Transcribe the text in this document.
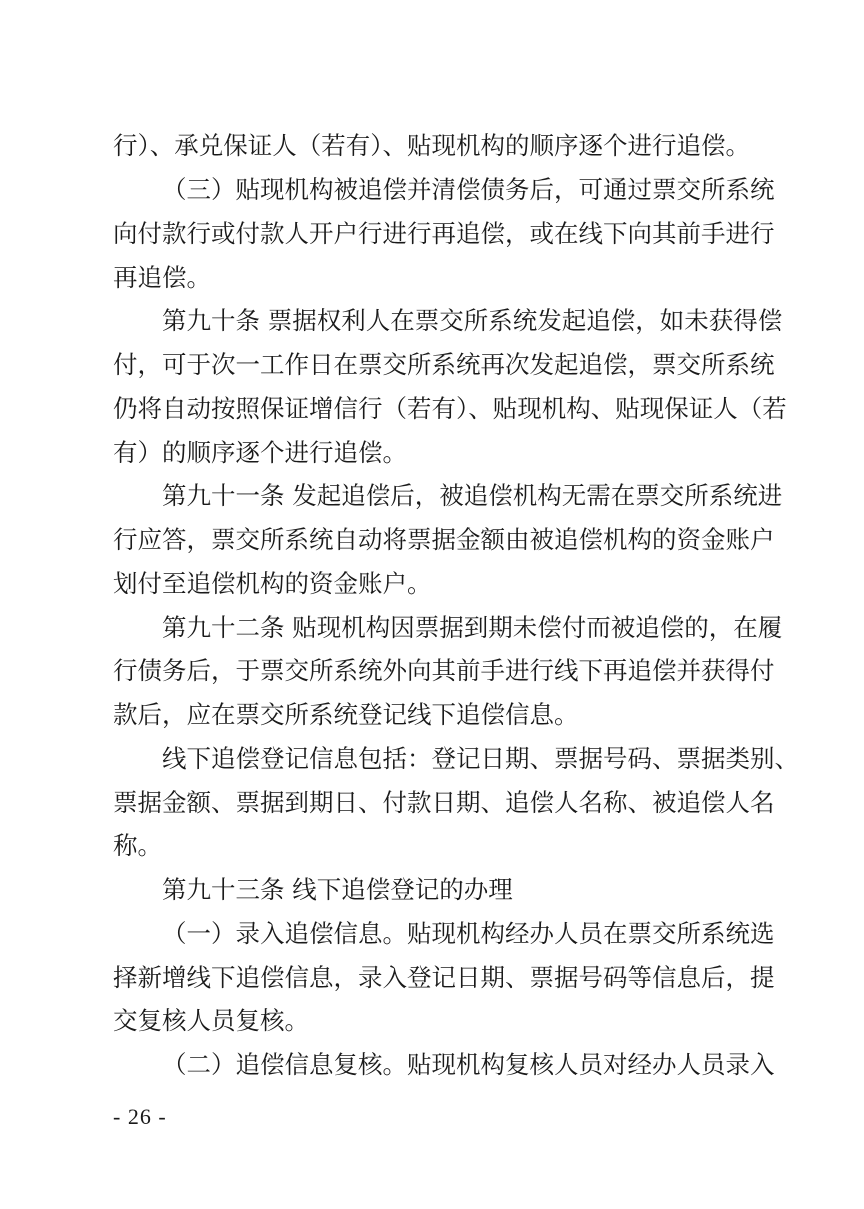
行）、承兑保证人（若有）、贴现机构的顺序逐个进行追偿。
（三）贴现机构被追偿并清偿债务后，可通过票交所系统
向付款行或付款人开户行进行再追偿，或在线下向其前手进行
再追偿。
第九十条 票据权利人在票交所系统发起追偿，如未获得偿
付，可于次一工作日在票交所系统再次发起追偿，票交所系统
仍将自动按照保证增信行（若有）、贴现机构、贴现保证人（若
有）的顺序逐个进行追偿。
第九十一条 发起追偿后，被追偿机构无需在票交所系统进
行应答，票交所系统自动将票据金额由被追偿机构的资金账户
划付至追偿机构的资金账户。
第九十二条 贴现机构因票据到期未偿付而被追偿的，在履
行债务后，于票交所系统外向其前手进行线下再追偿并获得付
款后，应在票交所系统登记线下追偿信息。
线下追偿登记信息包括：登记日期、票据号码、票据类别、
票据金额、票据到期日、付款日期、追偿人名称、被追偿人名
称。
第九十三条 线下追偿登记的办理
（一）录入追偿信息。贴现机构经办人员在票交所系统选
择新增线下追偿信息，录入登记日期、票据号码等信息后，提
交复核人员复核。
（二）追偿信息复核。贴现机构复核人员对经办人员录入
- 26 -
